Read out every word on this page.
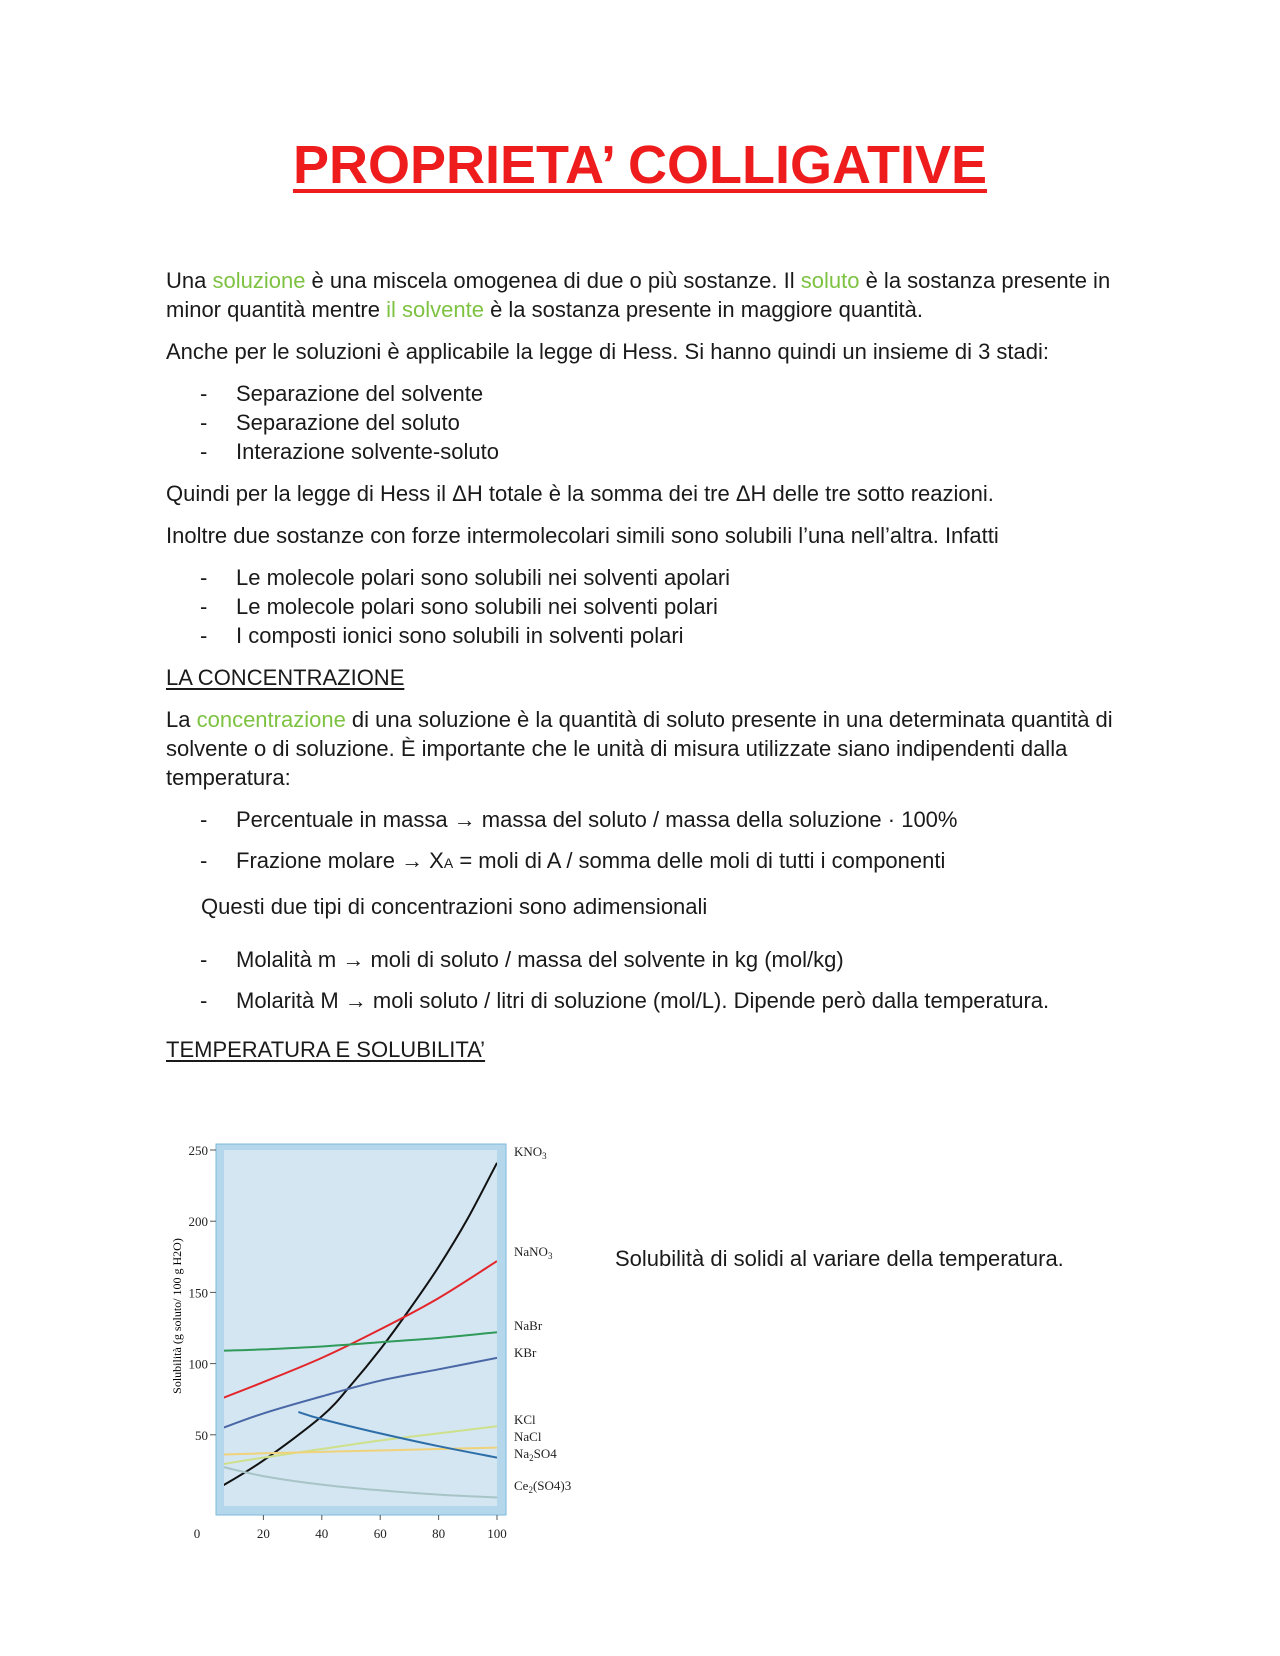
PROPRIETA’ COLLIGATIVE

Una soluzione è una miscela omogenea di due o più sostanze. Il soluto è la sostanza presente in minor quantità mentre il solvente è la sostanza presente in maggiore quantità.

Anche per le soluzioni è applicabile la legge di Hess. Si hanno quindi un insieme di 3 stadi:

- Separazione del solvente
- Separazione del soluto
- Interazione solvente-soluto

Quindi per la legge di Hess il ΔH totale è la somma dei tre ΔH delle tre sotto reazioni.

Inoltre due sostanze con forze intermolecolari simili sono solubili l’una nell’altra. Infatti

- Le molecole polari sono solubili nei solventi apolari
- Le molecole polari sono solubili nei solventi polari
- I composti ionici sono solubili in solventi polari

LA CONCENTRAZIONE

La concentrazione di una soluzione è la quantità di soluto presente in una determinata quantità di solvente o di soluzione. È importante che le unità di misura utilizzate siano indipendenti dalla temperatura:

- Percentuale in massa → massa del soluto / massa della soluzione · 100%
- Frazione molare → XA = moli di A / somma delle moli di tutti i componenti

Questi due tipi di concentrazioni sono adimensionali

- Molalità m → moli di soluto / massa del solvente in kg (mol/kg)
- Molarità M → moli soluto / litri di soluzione (mol/L). Dipende però dalla temperatura.

TEMPERATURA E SOLUBILITA’

Solubilità (g soluto/ 100 g H2O)
50
100
150
200
250
0	20	40	60	80	100
$KNO_3$
NaNO$_3$
NaBr
KBr
KCl
NaCl
$Na_2SO4$
$Ce_2(SO4)3$

Solubilità di solidi al variare della temperatura.
